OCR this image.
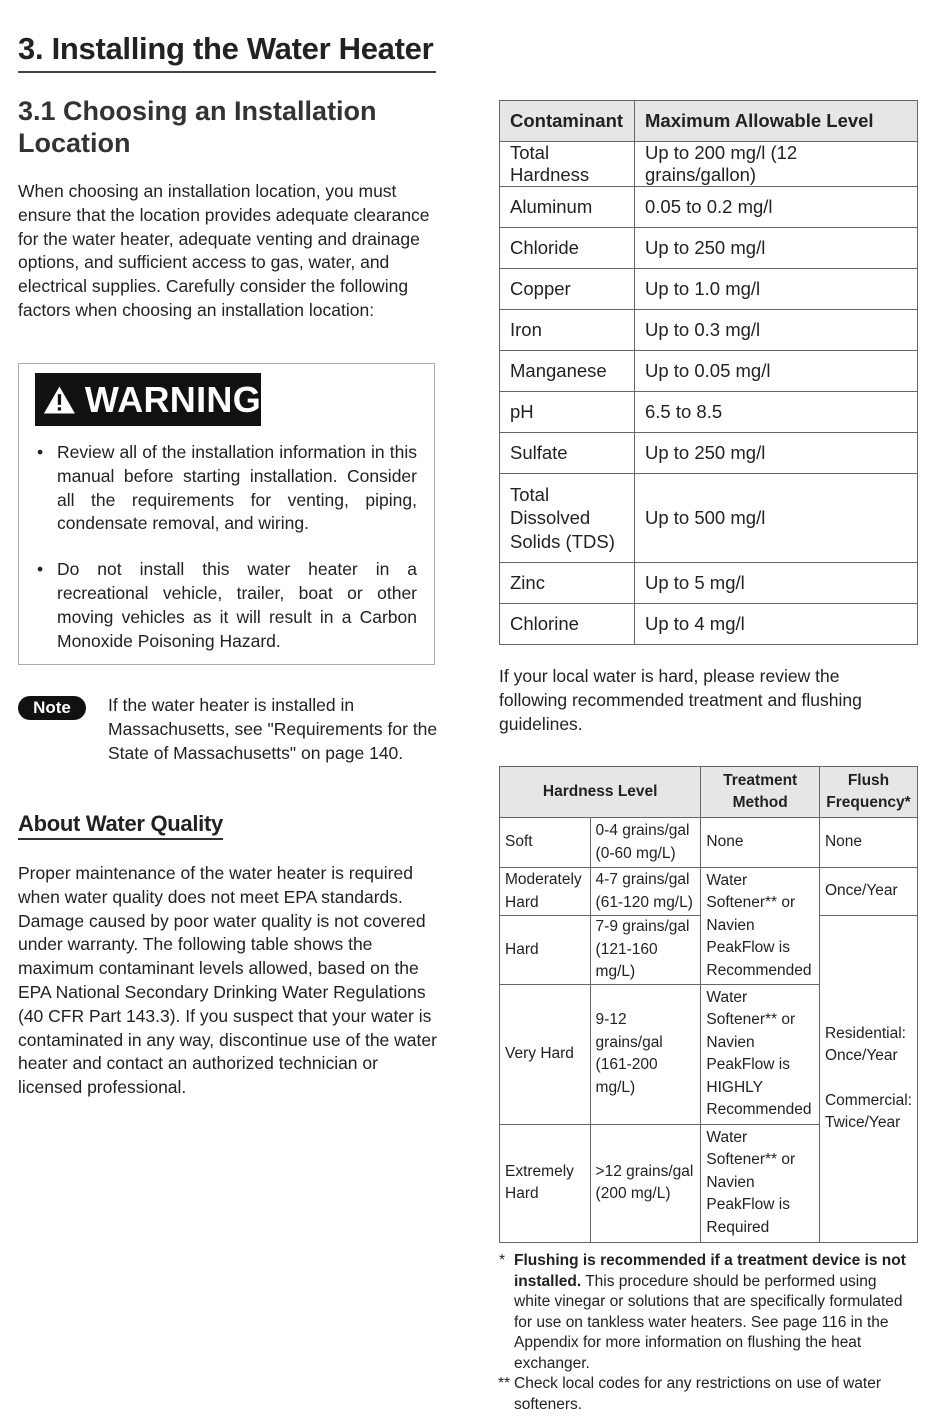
3. Installing the Water Heater
3.1 Choosing an Installation Location

When choosing an installation location, you must ensure that the location provides adequate clearance for the water heater, adequate venting and drainage options, and sufficient access to gas, water, and electrical supplies. Carefully consider the following factors when choosing an installation location:

WARNING
• Review all of the installation information in this manual before starting installation. Consider all the requirements for venting, piping, condensate removal, and wiring.
• Do not install this water heater in a recreational vehicle, trailer, boat or other moving vehicles as it will result in a Carbon Monoxide Poisoning Hazard.
Note	If the water heater is installed in Massachusetts, see "Requirements for the State of Massachusetts" on page 140.

About Water Quality

Proper maintenance of the water heater is required when water quality does not meet EPA standards. Damage caused by poor water quality is not covered under warranty. The following table shows the maximum contaminant levels allowed, based on the EPA National Secondary Drinking Water Regulations (40 CFR Part 143.3). If you suspect that your water is contaminated in any way, discontinue use of the water heater and contact an authorized technician or licensed professional.

Contaminant	Maximum Allowable Level
Total Hardness	Up to 200 mg/l (12 grains/gallon)
Aluminum	0.05 to 0.2 mg/l
Chloride	Up to 250 mg/l
Copper	Up to 1.0 mg/l
Iron	Up to 0.3 mg/l
Manganese	Up to 0.05 mg/l
pH	6.5 to 8.5
Sulfate	Up to 250 mg/l
Total Dissolved Solids (TDS)	Up to 500 mg/l
Zinc	Up to 5 mg/l
Chlorine	Up to 4 mg/l

If your local water is hard, please review the following recommended treatment and flushing guidelines.

Hardness Level		Treatment Method	Flush Frequency*
Soft	0-4 grains/gal (0-60 mg/L)	None	None
Moderately Hard	4-7 grains/gal (61-120 mg/L)	Water Softener** or Navien PeakFlow is Recommended	Once/Year
Hard	7-9 grains/gal (121-160 mg/L)		Residential: Once/Year
Commercial: Twice/Year

Very Hard	9-12 grains/gal (161-200 mg/L)	Water Softener** or Navien PeakFlow is HIGHLY Recommended	
Extremely Hard	>12 grains/gal (200 mg/L)	Water Softener** or Navien PeakFlow is Required	
* Flushing is recommended if a treatment device is not installed. This procedure should be performed using white vinegar or solutions that are specifically formulated for use on tankless water heaters. See page 116 in the Appendix for more information on flushing the heat exchanger.
** Check local codes for any restrictions on use of water softeners.
